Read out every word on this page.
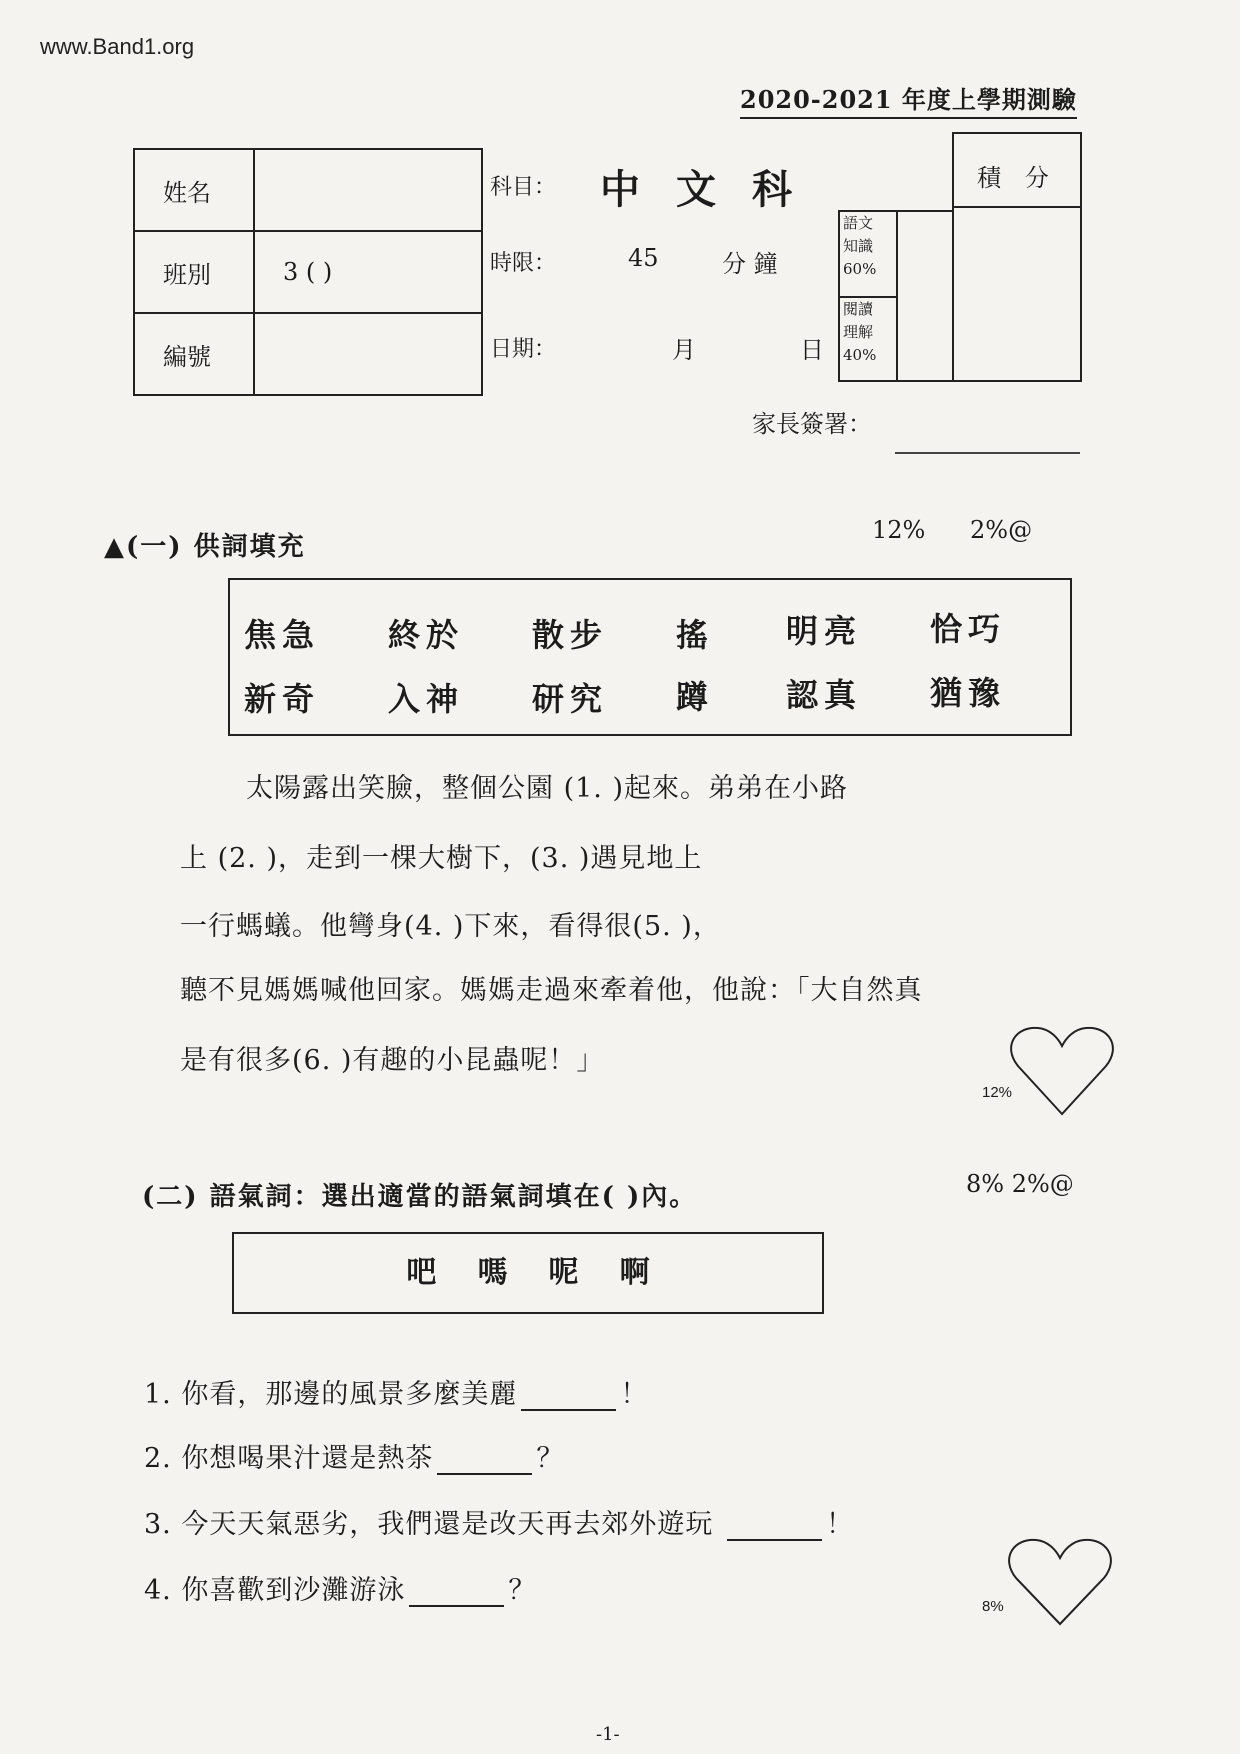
www.Band1.org
2020-2021 年度上學期測驗
姓名	
班別	3 ( )
編號	
科目： 中文科
時限：	45	分 鐘
日期：	月	日
語文
知識
60%
閱讀
理解
40%
積 分
家長簽署：
▲(一) 供詞填充
12% 2%@
焦急 終於 散步 搖 明亮 恰巧
新奇 入神 研究 蹲 認真 猶豫
太陽露出笑臉，整個公園 (1. )起來。弟弟在小路
上 (2. )，走到一棵大樹下，(3. )遇見地上
一行螞蟻。他彎身(4. )下來，看得很(5. )，
聽不見媽媽喊他回家。媽媽走過來牽着他，他說：「大自然真
是有很多(6. )有趣的小昆蟲呢！」
12%
(二) 語氣詞：選出適當的語氣詞填在( )內。	8% 2%@
吧 嗎 呢 啊
1. 你看，那邊的風景多麼美麗	！
2. 你想喝果汁還是熱茶	？
3. 今天天氣惡劣，我們還是改天再去郊外遊玩	！
4. 你喜歡到沙灘游泳	？
8%
-1-
